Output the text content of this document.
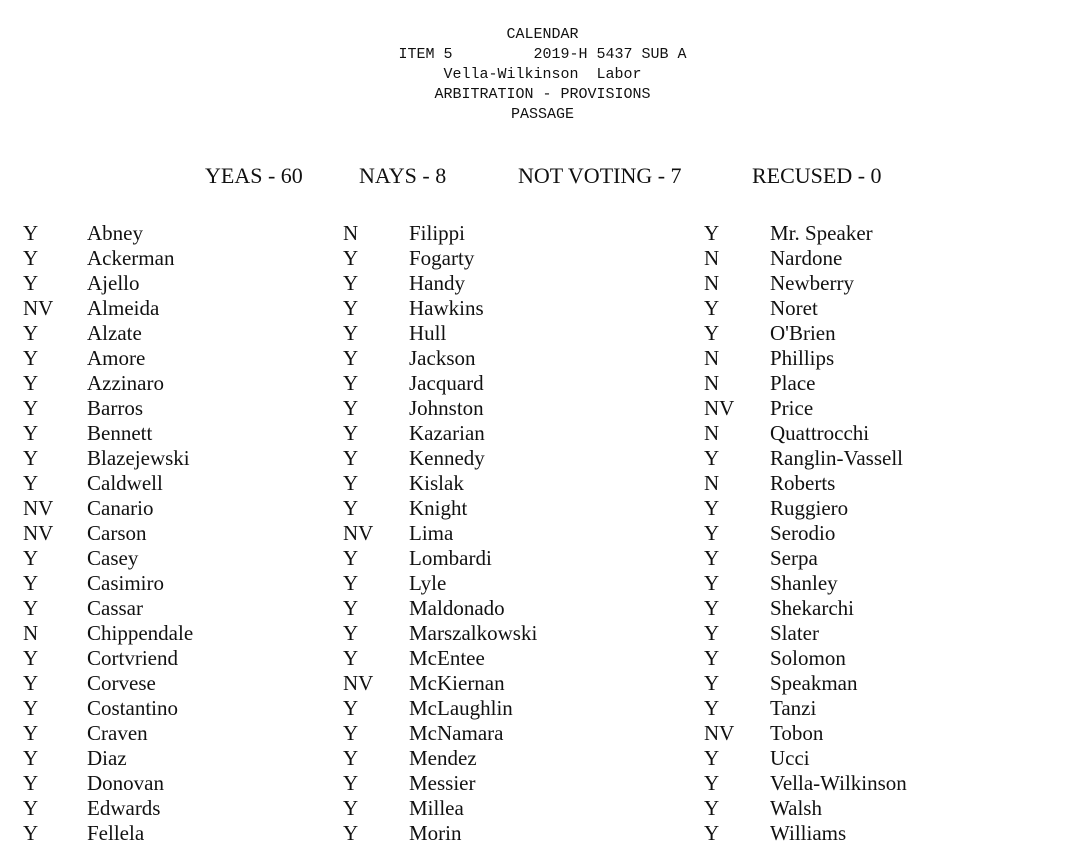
CALENDAR
ITEM 5         2019-H 5437 SUB A
Vella-Wilkinson  Labor
ARBITRATION - PROVISIONS
PASSAGE
YEAS - 60	NAYS - 8	NOT VOTING - 7	RECUSED - 0
Y Abney
Y Ackerman
Y Ajello
NV Almeida
Y Alzate
Y Amore
Y Azzinaro
Y Barros
Y Bennett
Y Blazejewski
Y Caldwell
NV Canario
NV Carson
Y Casey
Y Casimiro
Y Cassar
N Chippendale
Y Cortvriend
Y Corvese
Y Costantino
Y Craven
Y Diaz
Y Donovan
Y Edwards
Y Fellela
N Filippi
Y Fogarty
Y Handy
Y Hawkins
Y Hull
Y Jackson
Y Jacquard
Y Johnston
Y Kazarian
Y Kennedy
Y Kislak
Y Knight
NV Lima
Y Lombardi
Y Lyle
Y Maldonado
Y Marszalkowski
Y McEntee
NV McKiernan
Y McLaughlin
Y McNamara
Y Mendez
Y Messier
Y Millea
Y Morin
Y Mr. Speaker
N Nardone
N Newberry
Y Noret
Y O'Brien
N Phillips
N Place
NV Price
N Quattrocchi
Y Ranglin-Vassell
N Roberts
Y Ruggiero
Y Serodio
Y Serpa
Y Shanley
Y Shekarchi
Y Slater
Y Solomon
Y Speakman
Y Tanzi
NV Tobon
Y Ucci
Y Vella-Wilkinson
Y Walsh
Y Williams
